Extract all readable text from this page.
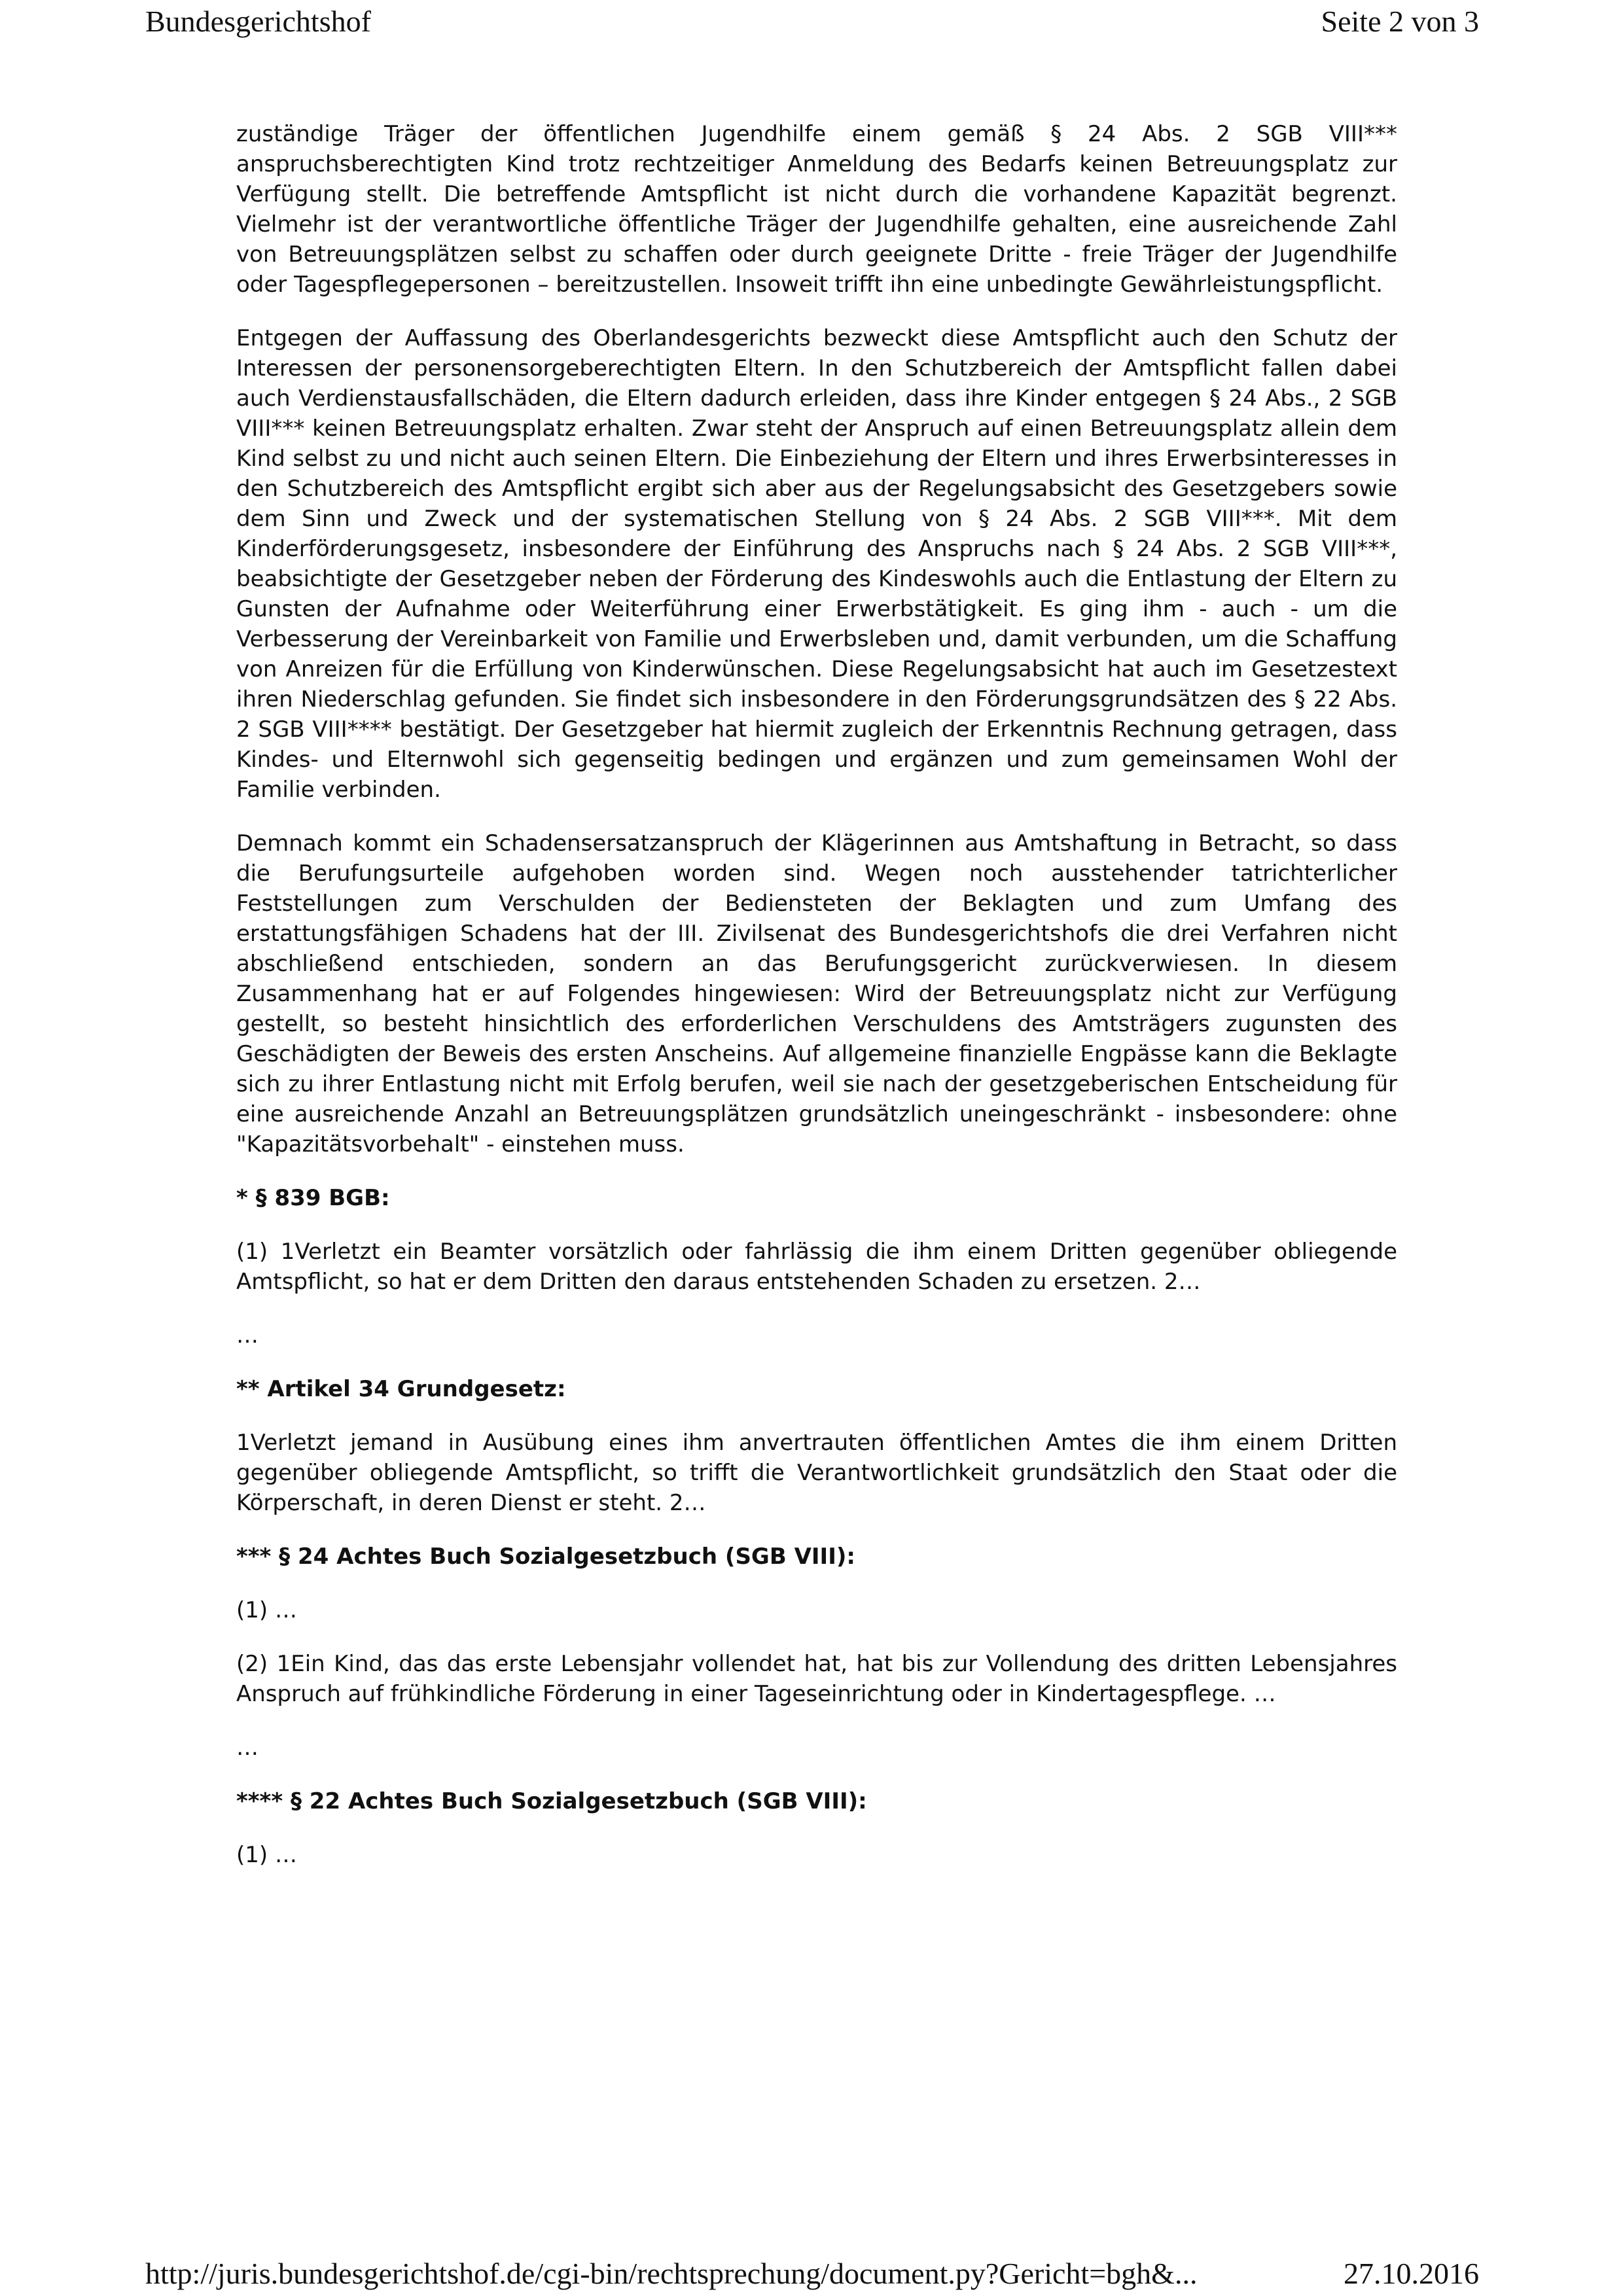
Bundesgerichtshof	Seite 2 von 3

zuständige Träger der öffentlichen Jugendhilfe einem gemäß § 24 Abs. 2 SGB VIII*** anspruchsberechtigten Kind trotz rechtzeitiger Anmeldung des Bedarfs keinen Betreuungsplatz zur Verfügung stellt. Die betreffende Amtspflicht ist nicht durch die vorhandene Kapazität begrenzt. Vielmehr ist der verantwortliche öffentliche Träger der Jugendhilfe gehalten, eine ausreichende Zahl von Betreuungsplätzen selbst zu schaffen oder durch geeignete Dritte - freie Träger der Jugendhilfe oder Tagespflegepersonen – bereitzustellen. Insoweit trifft ihn eine unbedingte Gewährleistungspflicht.

Entgegen der Auffassung des Oberlandesgerichts bezweckt diese Amtspflicht auch den Schutz der Interessen der personensorgeberechtigten Eltern. In den Schutzbereich der Amtspflicht fallen dabei auch Verdienstausfallschäden, die Eltern dadurch erleiden, dass ihre Kinder entgegen § 24 Abs., 2 SGB VIII*** keinen Betreuungsplatz erhalten. Zwar steht der Anspruch auf einen Betreuungsplatz allein dem Kind selbst zu und nicht auch seinen Eltern. Die Einbeziehung der Eltern und ihres Erwerbsinteresses in den Schutzbereich des Amtspflicht ergibt sich aber aus der Regelungsabsicht des Gesetzgebers sowie dem Sinn und Zweck und der systematischen Stellung von § 24 Abs. 2 SGB VIII***. Mit dem Kinderförderungsgesetz, insbesondere der Einführung des Anspruchs nach § 24 Abs. 2 SGB VIII***, beabsichtigte der Gesetzgeber neben der Förderung des Kindeswohls auch die Entlastung der Eltern zu Gunsten der Aufnahme oder Weiterführung einer Erwerbstätigkeit. Es ging ihm - auch - um die Verbesserung der Vereinbarkeit von Familie und Erwerbsleben und, damit verbunden, um die Schaffung von Anreizen für die Erfüllung von Kinderwünschen. Diese Regelungsabsicht hat auch im Gesetzestext ihren Niederschlag gefunden. Sie findet sich insbesondere in den Förderungsgrundsätzen des § 22 Abs. 2 SGB VIII**** bestätigt. Der Gesetzgeber hat hiermit zugleich der Erkenntnis Rechnung getragen, dass Kindes- und Elternwohl sich gegenseitig bedingen und ergänzen und zum gemeinsamen Wohl der Familie verbinden.

Demnach kommt ein Schadensersatzanspruch der Klägerinnen aus Amtshaftung in Betracht, so dass die Berufungsurteile aufgehoben worden sind. Wegen noch ausstehender tatrichterlicher Feststellungen zum Verschulden der Bediensteten der Beklagten und zum Umfang des erstattungsfähigen Schadens hat der III. Zivilsenat des Bundesgerichtshofs die drei Verfahren nicht abschließend entschieden, sondern an das Berufungsgericht zurückverwiesen. In diesem Zusammenhang hat er auf Folgendes hingewiesen: Wird der Betreuungsplatz nicht zur Verfügung gestellt, so besteht hinsichtlich des erforderlichen Verschuldens des Amtsträgers zugunsten des Geschädigten der Beweis des ersten Anscheins. Auf allgemeine finanzielle Engpässe kann die Beklagte sich zu ihrer Entlastung nicht mit Erfolg berufen, weil sie nach der gesetzgeberischen Entscheidung für eine ausreichende Anzahl an Betreuungsplätzen grundsätzlich uneingeschränkt - insbesondere: ohne "Kapazitätsvorbehalt" - einstehen muss.

* § 839 BGB:

(1) 1Verletzt ein Beamter vorsätzlich oder fahrlässig die ihm einem Dritten gegenüber obliegende Amtspflicht, so hat er dem Dritten den daraus entstehenden Schaden zu ersetzen. 2…

…

** Artikel 34 Grundgesetz:

1Verletzt jemand in Ausübung eines ihm anvertrauten öffentlichen Amtes die ihm einem Dritten gegenüber obliegende Amtspflicht, so trifft die Verantwortlichkeit grundsätzlich den Staat oder die Körperschaft, in deren Dienst er steht. 2…

*** § 24 Achtes Buch Sozialgesetzbuch (SGB VIII):

(1) …

(2) 1Ein Kind, das das erste Lebensjahr vollendet hat, hat bis zur Vollendung des dritten Lebensjahres Anspruch auf frühkindliche Förderung in einer Tageseinrichtung oder in Kindertagespflege. …

…

**** § 22 Achtes Buch Sozialgesetzbuch (SGB VIII):

(1) …

http://juris.bundesgerichtshof.de/cgi-bin/rechtsprechung/document.py?Gericht=bgh&...	27.10.2016
